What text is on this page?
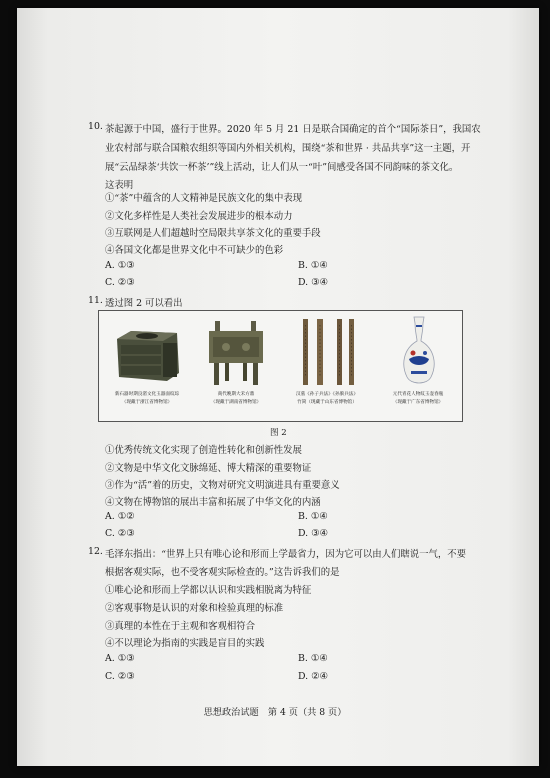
10. 茶起源于中国，盛行于世界。2020 年 5 月 21 日是联合国确定的首个“国际茶日”，我国农
业农村部与联合国粮农组织等国内外相关机构，围绕“茶和世界 · 共品共享”这一主题，开
展“云品绿茶‘共饮一杯茶’”线上活动，让人们从一“叶”间感受各国不同韵味的茶文化。
这表明
①“茶”中蕴含的人文精神是民族文化的集中表现
②文化多样性是人类社会发展进步的根本动力
③互联网是人们超越时空局限共享茶文化的重要手段
④各国文化都是世界文化中不可缺少的色彩
A. ①③	B. ①④
C. ②③	D. ③④
11. 透过图 2 可以看出
新石器时期良渚文化玉器面纹琮
（现藏于浙江省博物馆）
商代晚期大禾方鼎
（现藏于湖南省博物馆）
汉墓《孙子兵法》《孙膑兵法》
竹简（现藏于山东省博物馆）
元代青花人物纹玉壶春瓶
（现藏于广东省博物馆）
图 2
①优秀传统文化实现了创造性转化和创新性发展
②文物是中华文化文脉绵延、博大精深的重要物证
③作为“活”着的历史，文物对研究文明演进具有重要意义
④文物在博物馆的展出丰富和拓展了中华文化的内涵
A. ①②	B. ①④
C. ②③	D. ③④
12. 毛泽东指出：“世界上只有唯心论和形而上学最省力，因为它可以由人们瞎说一气，不要
根据客观实际，也不受客观实际检查的。”这告诉我们的是
①唯心论和形而上学都以认识和实践相脱离为特征
②客观事物是认识的对象和检验真理的标准
③真理的本性在于主观和客观相符合
④不以理论为指南的实践是盲目的实践
A. ①③	B. ①④
C. ②③	D. ②④
思想政治试题　第 4 页（共 8 页）
